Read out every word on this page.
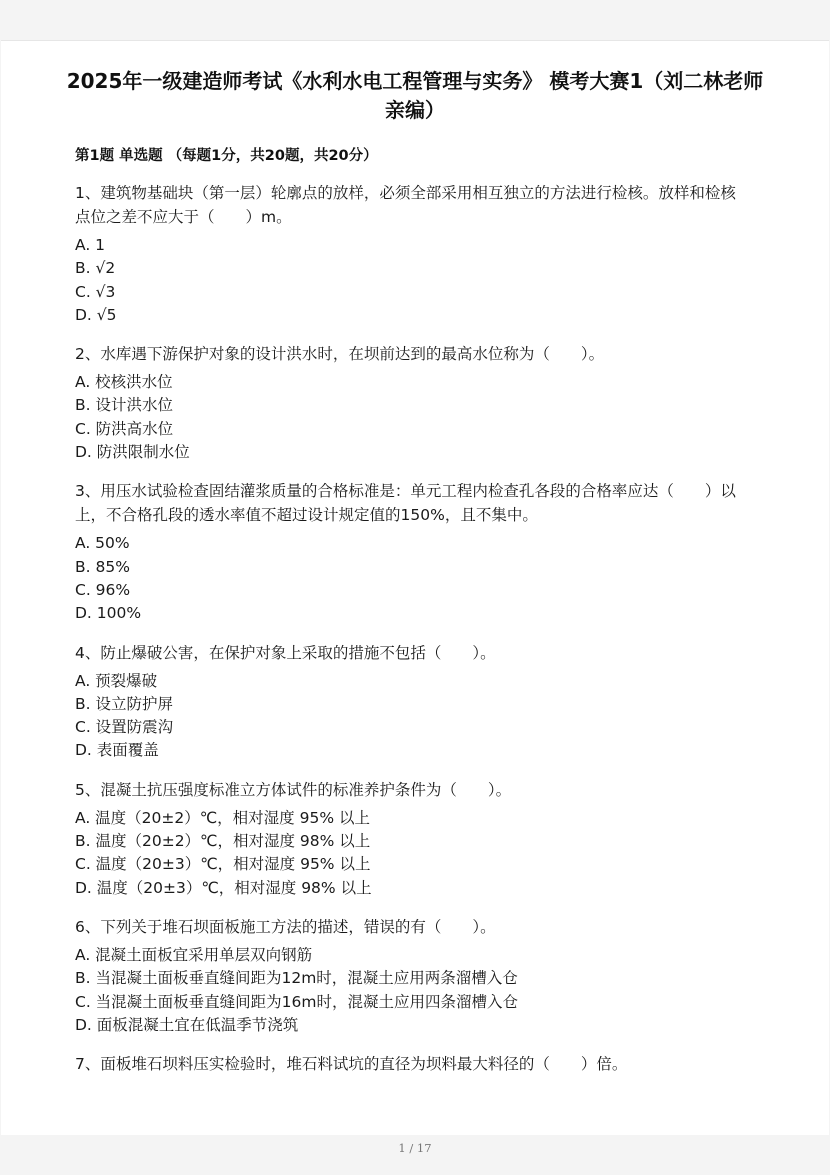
2025年一级建造师考试《水利水电工程管理与实务》 模考大赛1（刘二林老师亲编）
第1题 单选题 （每题1分，共20题，共20分）
1、建筑物基础块（第一层）轮廓点的放样，必须全部采用相互独立的方法进行检核。放样和检核点位之差不应大于（　　）m。
A. 1
B. √2
C. √3
D. √5
2、水库遇下游保护对象的设计洪水时，在坝前达到的最高水位称为（　　）。
A. 校核洪水位
B. 设计洪水位
C. 防洪高水位
D. 防洪限制水位
3、用压水试验检查固结灌浆质量的合格标准是：单元工程内检查孔各段的合格率应达（　　）以上，不合格孔段的透水率值不超过设计规定值的150%，且不集中。
A. 50%
B. 85%
C. 96%
D. 100%
4、防止爆破公害，在保护对象上采取的措施不包括（　　）。
A. 预裂爆破
B. 设立防护屏
C. 设置防震沟
D. 表面覆盖
5、混凝土抗压强度标准立方体试件的标准养护条件为（　　）。
A. 温度（20±2）℃，相对湿度 95% 以上
B. 温度（20±2）℃，相对湿度 98% 以上
C. 温度（20±3）℃，相对湿度 95% 以上
D. 温度（20±3）℃，相对湿度 98% 以上
6、下列关于堆石坝面板施工方法的描述，错误的有（　　）。
A. 混凝土面板宜采用单层双向钢筋
B. 当混凝土面板垂直缝间距为12m时，混凝土应用两条溜槽入仓
C. 当混凝土面板垂直缝间距为16m时，混凝土应用四条溜槽入仓
D. 面板混凝土宜在低温季节浇筑
7、面板堆石坝料压实检验时，堆石料试坑的直径为坝料最大料径的（　　）倍。
1 / 17
